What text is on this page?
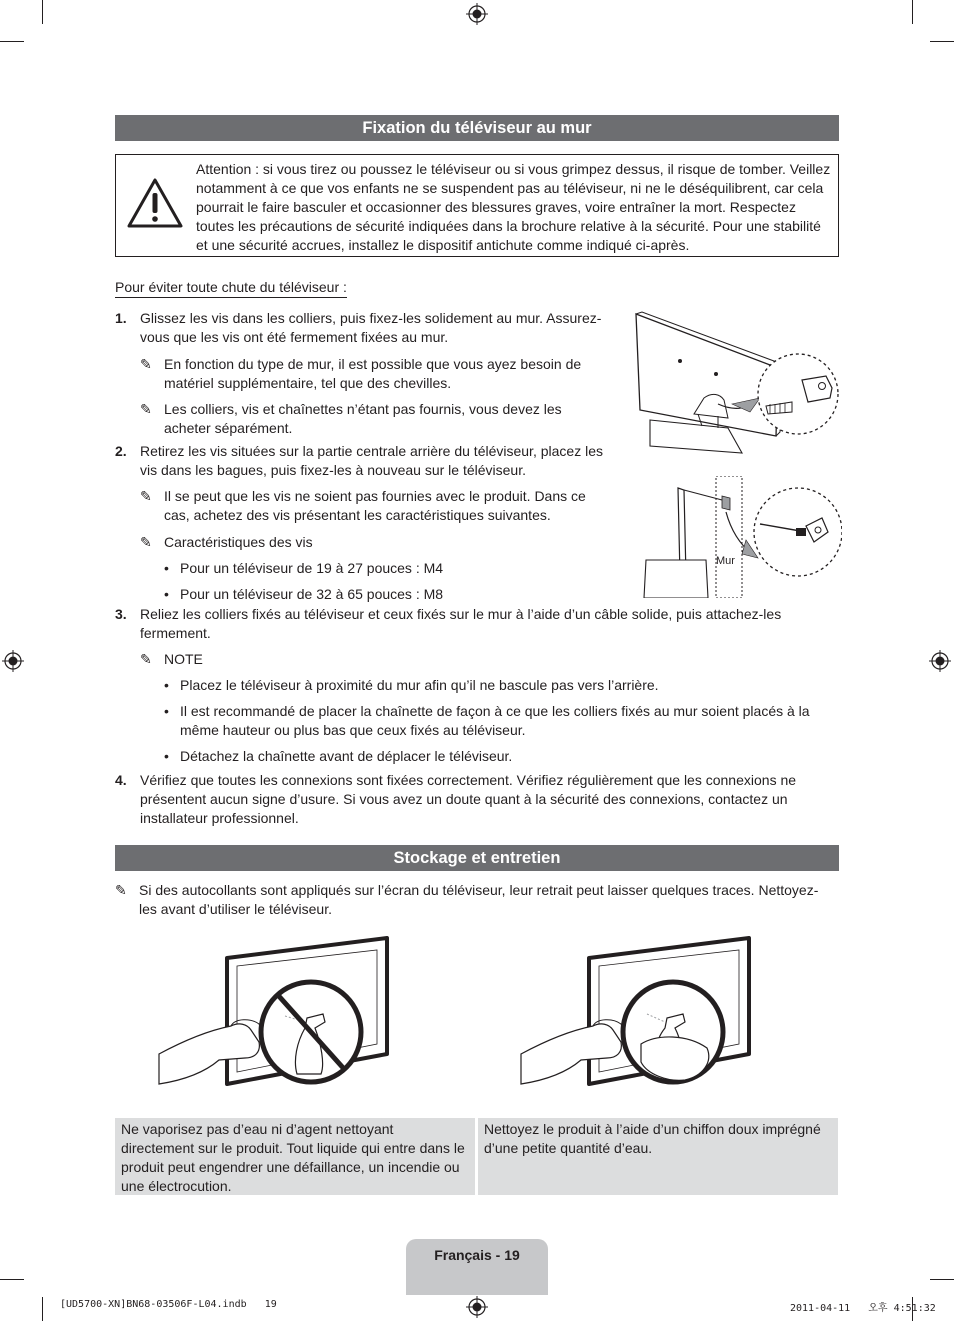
Fixation du téléviseur au mur
Attention : si vous tirez ou poussez le téléviseur ou si vous grimpez dessus, il risque de tomber. Veillez notamment à ce que vos enfants ne se suspendent pas au téléviseur, ni ne le déséquilibrent, car cela pourrait le faire basculer et occasionner des blessures graves, voire entraîner la mort. Respectez toutes les précautions de sécurité indiquées dans la brochure relative à la sécurité. Pour une stabilité et une sécurité accrues, installez le dispositif antichute comme indiqué ci-après.
Pour éviter toute chute du téléviseur :
1. Glissez les vis dans les colliers, puis fixez-les solidement au mur. Assurez-vous que les vis ont été fermement fixées au mur.
✎ En fonction du type de mur, il est possible que vous ayez besoin de matériel supplémentaire, tel que des chevilles.
✎ Les colliers, vis et chaînettes n’étant pas fournis, vous devez les acheter séparément.
2. Retirez les vis situées sur la partie centrale arrière du téléviseur, placez les vis dans les bagues, puis fixez-les à nouveau sur le téléviseur.
✎ Il se peut que les vis ne soient pas fournies avec le produit. Dans ce cas, achetez des vis présentant les caractéristiques suivantes.
✎ Caractéristiques des vis
• Pour un téléviseur de 19 à 27 pouces : M4
• Pour un téléviseur de 32 à 65 pouces : M8
Mur
3. Reliez les colliers fixés au téléviseur et ceux fixés sur le mur à l’aide d’un câble solide, puis attachez-les fermement.
✎ NOTE
• Placez le téléviseur à proximité du mur afin qu’il ne bascule pas vers l’arrière.
• Il est recommandé de placer la chaînette de façon à ce que les colliers fixés au mur soient placés à la même hauteur ou plus bas que ceux fixés au téléviseur.
• Détachez la chaînette avant de déplacer le téléviseur.
4. Vérifiez que toutes les connexions sont fixées correctement. Vérifiez régulièrement que les connexions ne présentent aucun signe d’usure. Si vous avez un doute quant à la sécurité des connexions, contactez un installateur professionnel.
Stockage et entretien
✎ Si des autocollants sont appliqués sur l’écran du téléviseur, leur retrait peut laisser quelques traces. Nettoyez-les avant d’utiliser le téléviseur.
Ne vaporisez pas d’eau ni d’agent nettoyant directement sur le produit. Tout liquide qui entre dans le produit peut engendrer une défaillance, un incendie ou une électrocution.
Nettoyez le produit à l’aide d’un chiffon doux imprégné d’une petite quantité d’eau.
Français - 19
[UD5700-XN]BN68-03506F-L04.indb   19	2011-04-11   오후 4:51:32
